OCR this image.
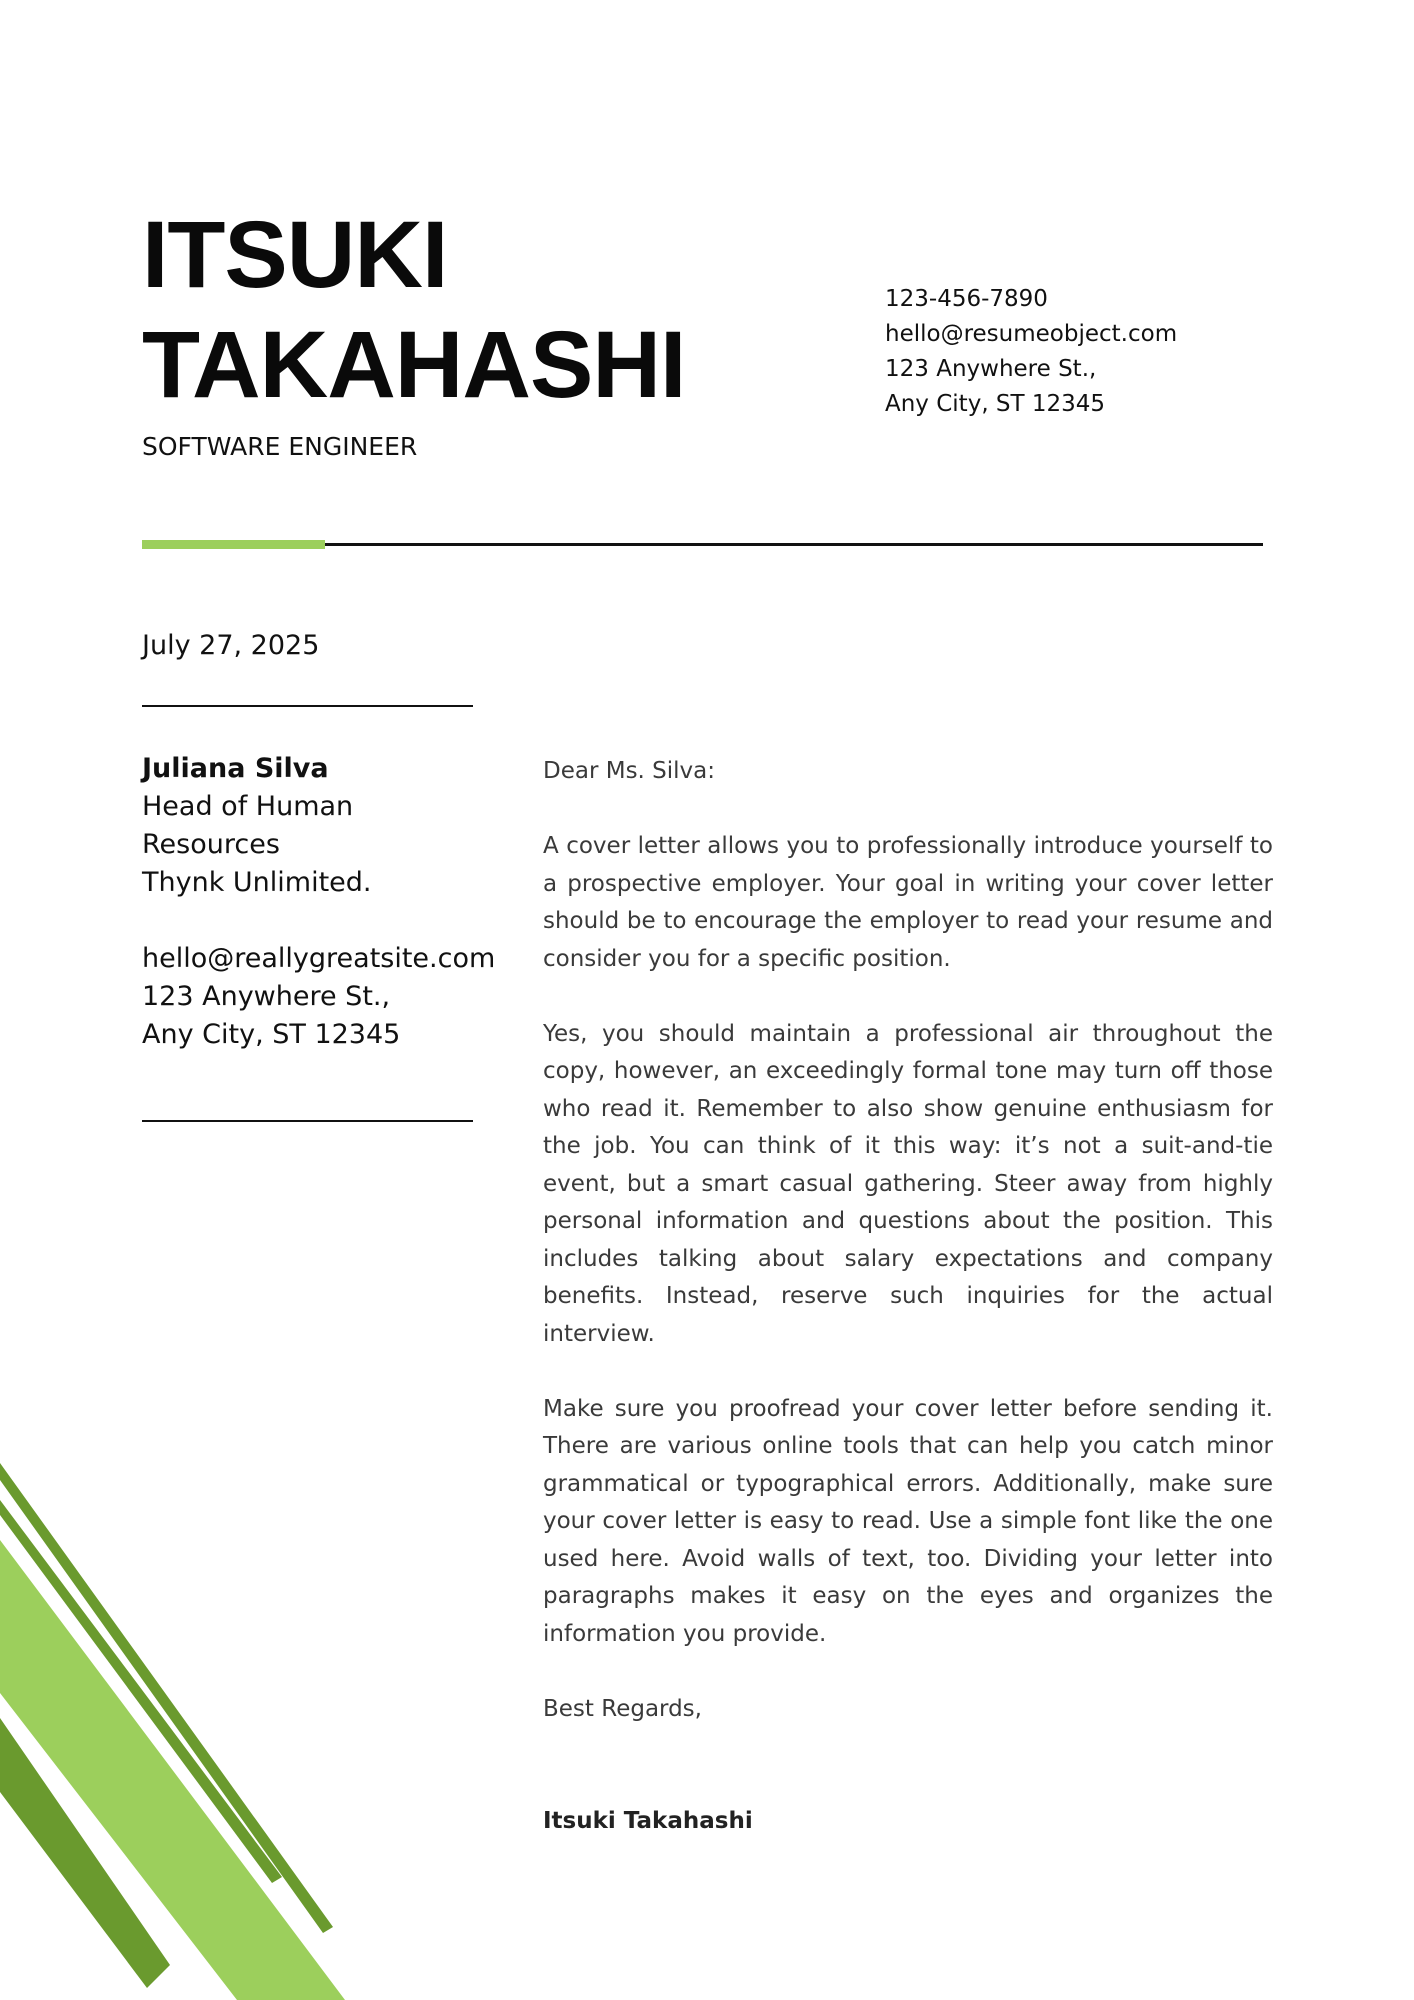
ITSUKI
TAKAHASHI
SOFTWARE ENGINEER
123-456-7890
hello@resumeobject.com
123 Anywhere St.,
Any City, ST 12345
July 27, 2025
Juliana Silva
Head of Human
Resources
Thynk Unlimited.
hello@reallygreatsite.com
123 Anywhere St.,
Any City, ST 12345

Dear Ms. Silva:

A cover letter allows you to professionally introduce yourself to a prospective employer. Your goal in writing your cover letter should be to encourage the employer to read your resume and consider you for a specific position.

Yes, you should maintain a professional air throughout the copy, however, an exceedingly formal tone may turn off those who read it. Remember to also show genuine enthusiasm for the job. You can think of it this way: it’s not a suit-and-tie event, but a smart casual gathering. Steer away from highly personal information and questions about the position. This includes talking about salary expectations and company benefits. Instead, reserve such inquiries for the actual interview.

Make sure you proofread your cover letter before sending it. There are various online tools that can help you catch minor grammatical or typographical errors. Additionally, make sure your cover letter is easy to read. Use a simple font like the one used here. Avoid walls of text, too. Dividing your letter into paragraphs makes it easy on the eyes and organizes the information you provide.

Best Regards,

Itsuki Takahashi
